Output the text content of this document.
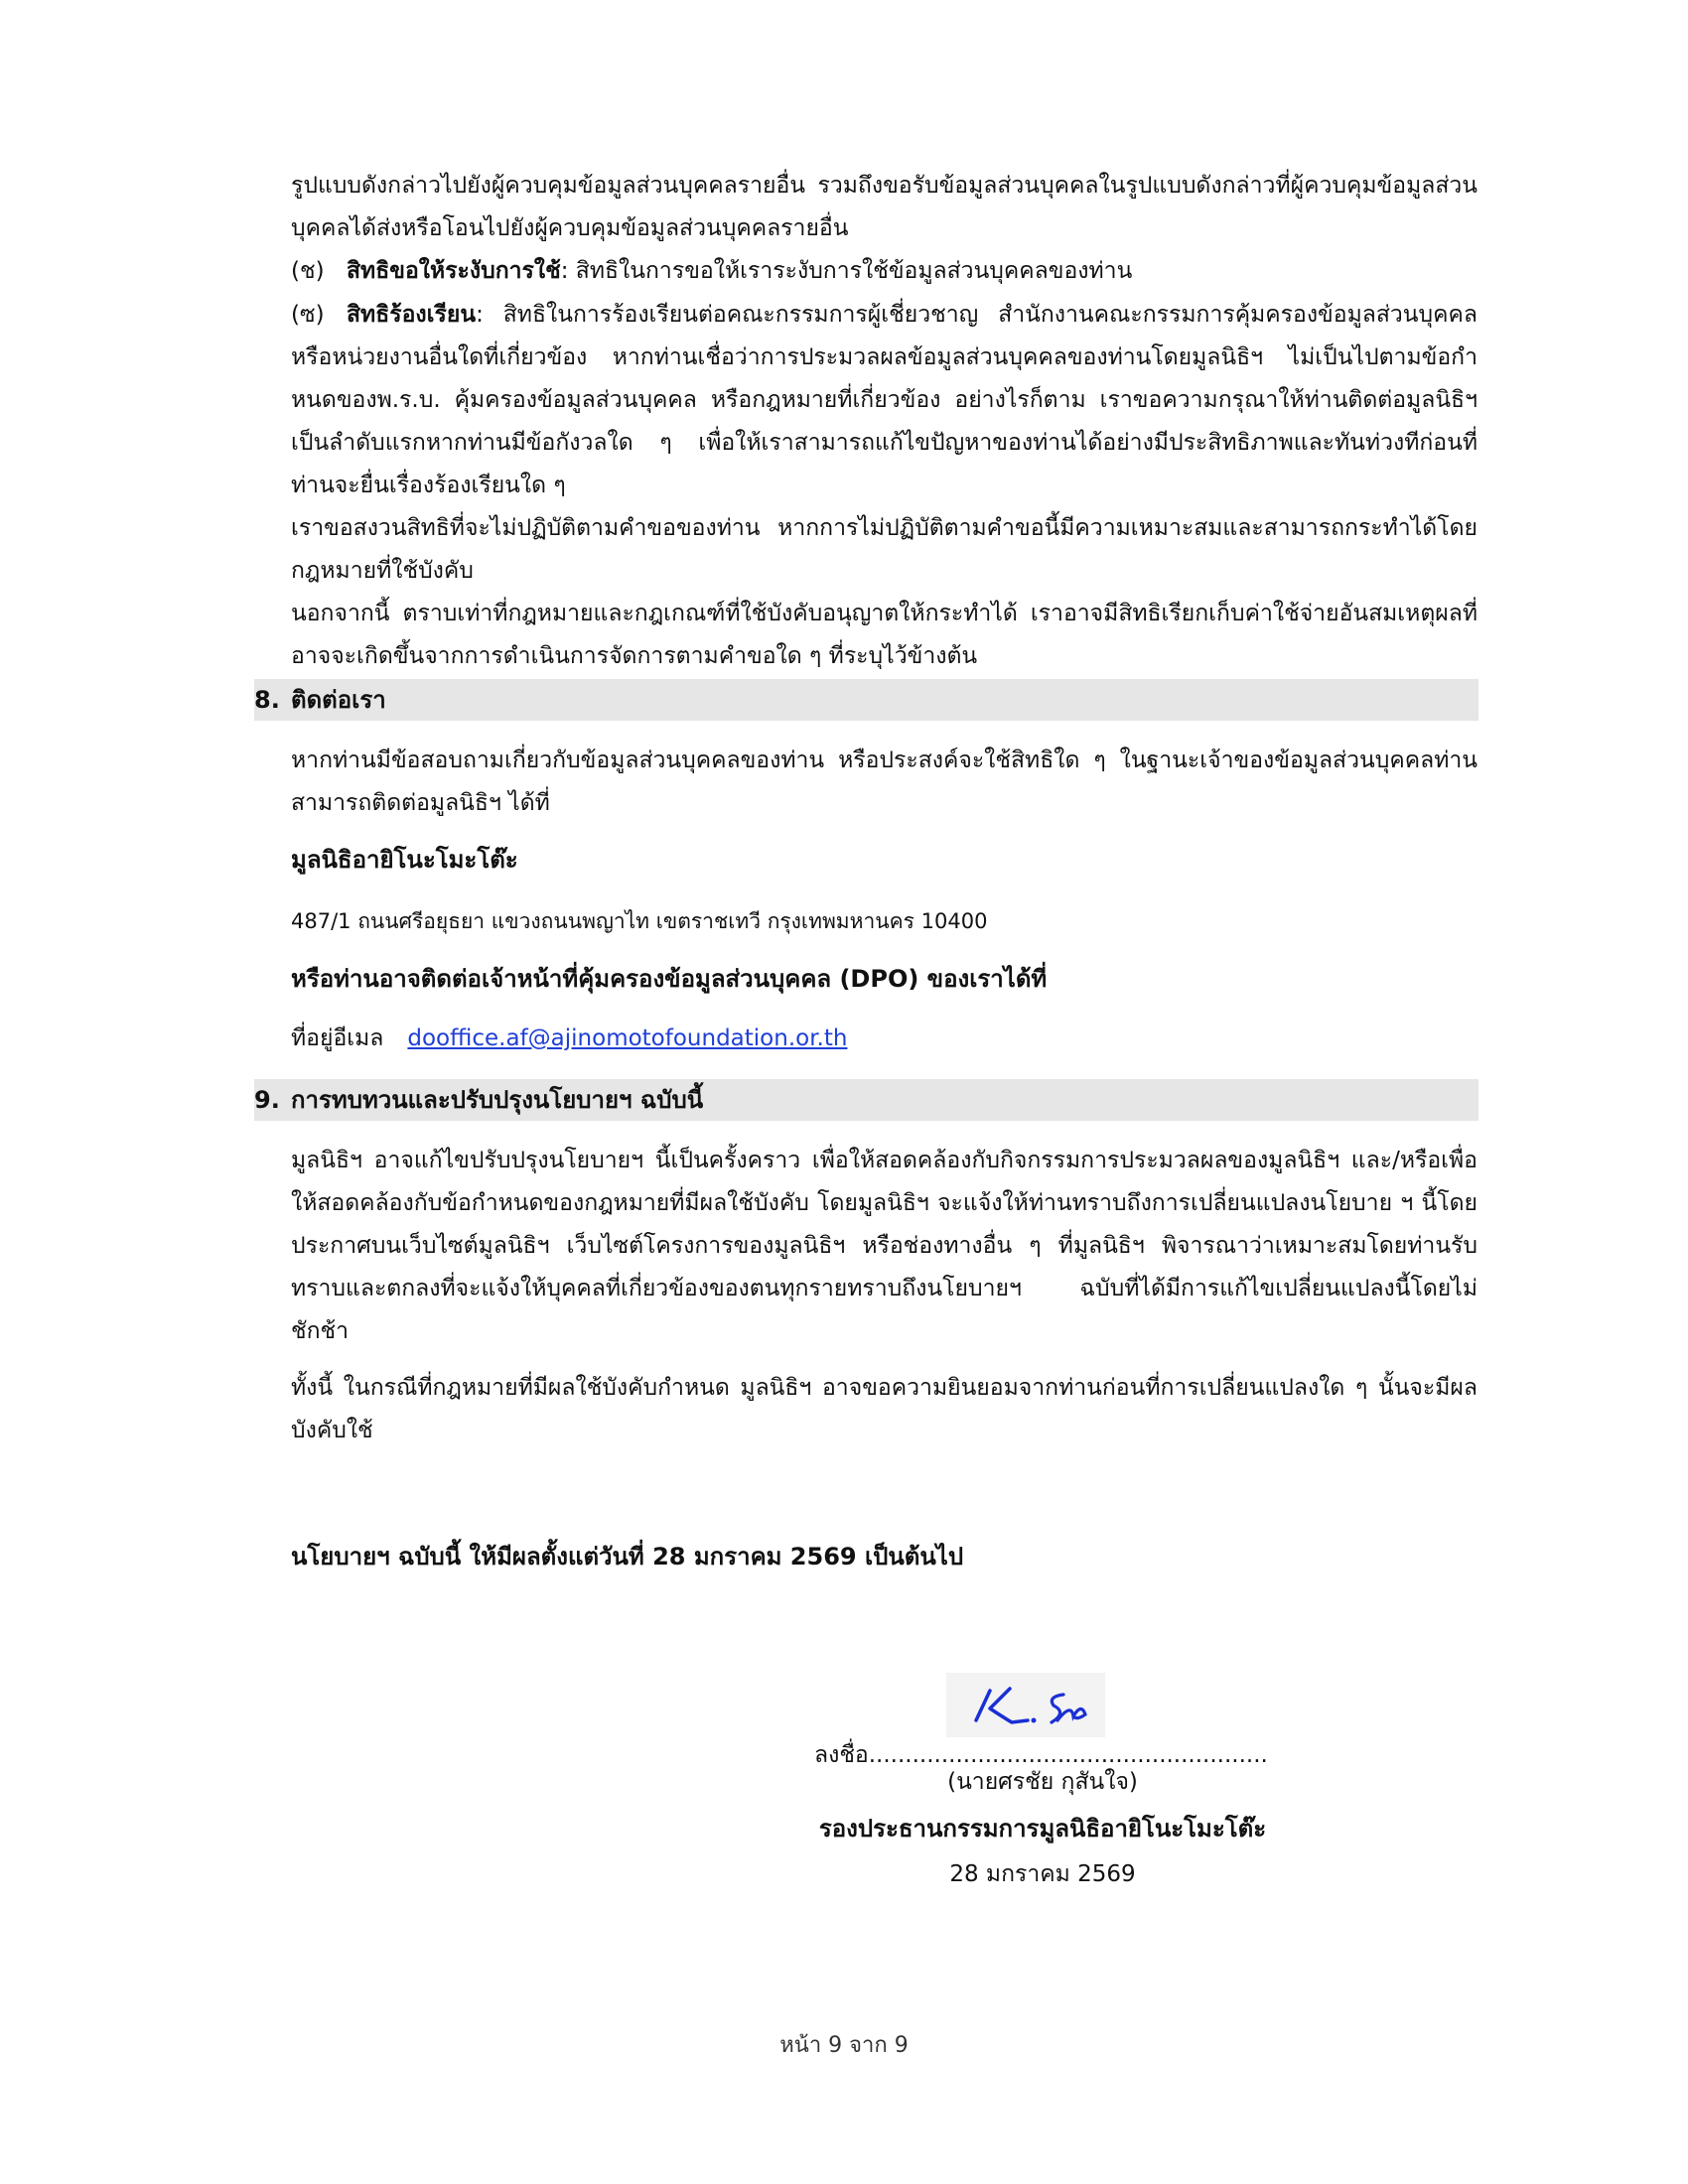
รูปแบบดังกล่าวไปยังผู้ควบคุมข้อมูลส่วนบุคคลรายอื่น รวมถึงขอรับข้อมูลส่วนบุคคลในรูปแบบดังกล่าวที่ผู้ควบคุมข้อมูลส่วนบุคคลได้ส่งหรือโอนไปยังผู้ควบคุมข้อมูลส่วนบุคคลรายอื่น

(ช) สิทธิขอให้ระงับการใช้: สิทธิในการขอให้เราระงับการใช้ข้อมูลส่วนบุคคลของท่าน

(ซ) สิทธิร้องเรียน: สิทธิในการร้องเรียนต่อคณะกรรมการผู้เชี่ยวชาญ สำนักงานคณะกรรมการคุ้มครองข้อมูลส่วนบุคคล หรือหน่วยงานอื่นใดที่เกี่ยวข้อง หากท่านเชื่อว่าการประมวลผลข้อมูลส่วนบุคคลของท่านโดยมูลนิธิฯ ไม่เป็นไปตามข้อกำหนดของพ.ร.บ. คุ้มครองข้อมูลส่วนบุคคล หรือกฎหมายที่เกี่ยวข้อง อย่างไรก็ตาม เราขอความกรุณาให้ท่านติดต่อมูลนิธิฯ เป็นลำดับแรกหากท่านมีข้อกังวลใด ๆ เพื่อให้เราสามารถแก้ไขปัญหาของท่านได้อย่างมีประสิทธิภาพและทันท่วงทีก่อนที่ท่านจะยื่นเรื่องร้องเรียนใด ๆ

เราขอสงวนสิทธิที่จะไม่ปฏิบัติตามคำขอของท่าน หากการไม่ปฏิบัติตามคำขอนี้มีความเหมาะสมและสามารถกระทำได้โดยกฎหมายที่ใช้บังคับ

นอกจากนี้ ตราบเท่าที่กฎหมายและกฎเกณฑ์ที่ใช้บังคับอนุญาตให้กระทำได้ เราอาจมีสิทธิเรียกเก็บค่าใช้จ่ายอันสมเหตุผลที่อาจจะเกิดขึ้นจากการดำเนินการจัดการตามคำขอใด ๆ ที่ระบุไว้ข้างต้น

8. ติดต่อเรา

หากท่านมีข้อสอบถามเกี่ยวกับข้อมูลส่วนบุคคลของท่าน หรือประสงค์จะใช้สิทธิใด ๆ ในฐานะเจ้าของข้อมูลส่วนบุคคลท่านสามารถติดต่อมูลนิธิฯ ได้ที่

มูลนิธิอายิโนะโมะโต๊ะ

487/1 ถนนศรีอยุธยา แขวงถนนพญาไท เขตราชเทวี กรุงเทพมหานคร 10400

หรือท่านอาจติดต่อเจ้าหน้าที่คุ้มครองข้อมูลส่วนบุคคล (DPO) ของเราได้ที่

ที่อยู่อีเมล dooffice.af@ajinomotofoundation.or.th

9. การทบทวนและปรับปรุงนโยบายฯ ฉบับนี้

มูลนิธิฯ อาจแก้ไขปรับปรุงนโยบายฯ นี้เป็นครั้งคราว เพื่อให้สอดคล้องกับกิจกรรมการประมวลผลของมูลนิธิฯ และ/หรือเพื่อให้สอดคล้องกับข้อกำหนดของกฎหมายที่มีผลใช้บังคับ โดยมูลนิธิฯ จะแจ้งให้ท่านทราบถึงการเปลี่ยนแปลงนโยบาย ฯ นี้โดยประกาศบนเว็บไซต์มูลนิธิฯ เว็บไซต์โครงการของมูลนิธิฯ หรือช่องทางอื่น ๆ ที่มูลนิธิฯ พิจารณาว่าเหมาะสมโดยท่านรับทราบและตกลงที่จะแจ้งให้บุคคลที่เกี่ยวข้องของตนทุกรายทราบถึงนโยบายฯ ฉบับที่ได้มีการแก้ไขเปลี่ยนแปลงนี้โดยไม่ชักช้า

ทั้งนี้ ในกรณีที่กฎหมายที่มีผลใช้บังคับกำหนด มูลนิธิฯ อาจขอความยินยอมจากท่านก่อนที่การเปลี่ยนแปลงใด ๆ นั้นจะมีผลบังคับใช้

นโยบายฯ ฉบับนี้ ให้มีผลตั้งแต่วันที่ 28 มกราคม 2569 เป็นต้นไป

ลงชื่อ.......................................................
(นายศรชัย กุสันใจ)
รองประธานกรรมการมูลนิธิอายิโนะโมะโต๊ะ
28 มกราคม 2569
หน้า 9 จาก 9
